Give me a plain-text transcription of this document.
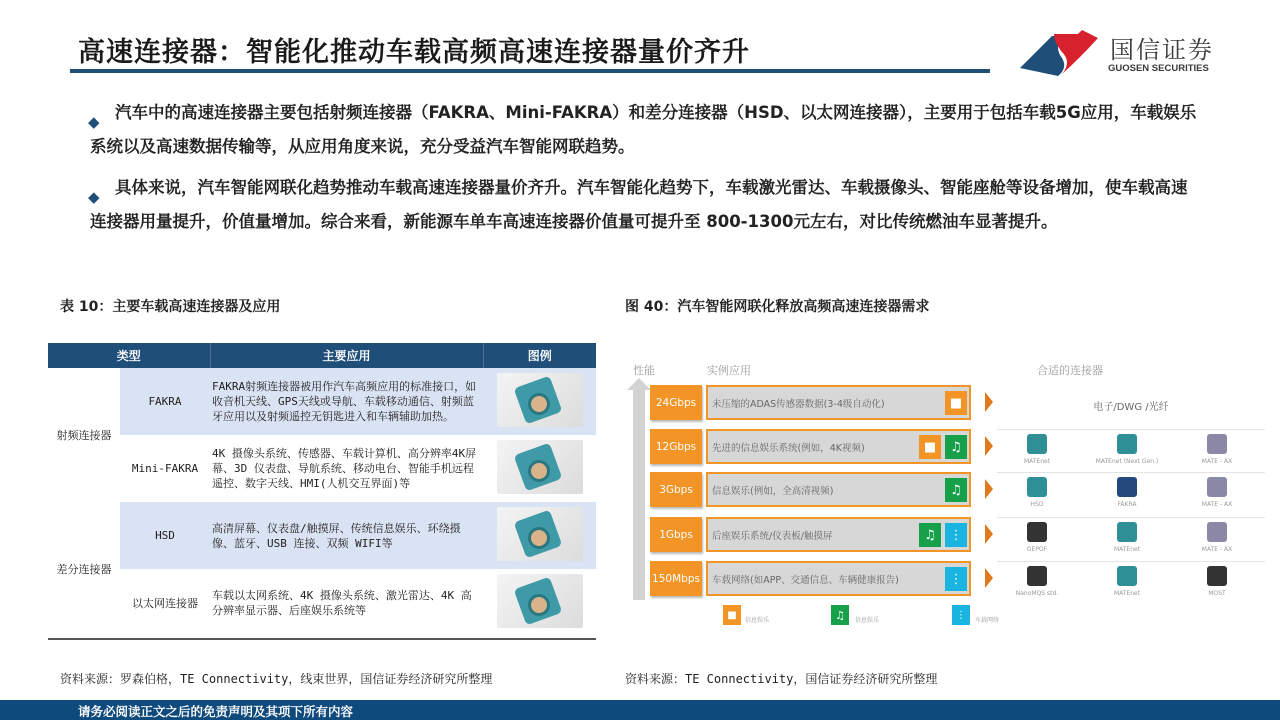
高速连接器：智能化推动车载高频高速连接器量价齐升	国信证券
GUOSEN SECURITIES
◆ 汽车中的高速连接器主要包括射频连接器（FAKRA、Mini-FAKRA）和差分连接器（HSD、以太网连接器），主要用于包括车载5G应用，车载娱乐系统以及高速数据传输等，从应用角度来说，充分受益汽车智能网联趋势。
◆ 具体来说，汽车智能网联化趋势推动车载高速连接器量价齐升。汽车智能化趋势下，车载激光雷达、车载摄像头、智能座舱等设备增加，使车载高速连接器用量提升，价值量增加。综合来看，新能源车单车高速连接器价值量可提升至 800-1300元左右，对比传统燃油车显著提升。
表 10：主要车载高速连接器及应用	图 40：汽车智能网联化释放高频高速连接器需求
类型		主要应用	图例
射频连接器	FAKRA	FAKRA射频连接器被用作汽车高频应用的标准接口，如收音机天线、GPS天线或导航、车载移动通信、射频蓝牙应用以及射频遥控无钥匙进入和车辆辅助加热。	
	Mini-FAKRA	4K 摄像头系统、传感器、车载计算机、高分辨率4K屏幕、3D 仪表盘、导航系统、移动电台、智能手机远程遥控、数字天线、HMI(人机交互界面)等	
差分连接器	HSD	高清屏幕、仪表盘/触摸屏、传统信息娱乐、环绕摄像、蓝牙、USB 连接、双频 WIFI等	
	以太网连接器	车载以太网系统、4K 摄像头系统、激光雷达、4K 高分辨率显示器、后座娱乐系统等	
性能	实例应用	合适的连接器
24Gbps	未压缩的ADAS传感器数据(3-4级自动化)	■
12Gbps	先进的信息娱乐系统(例如，4K视频)	■	♫
3Gbps	信息娱乐(例如，全高清视频)	♫
1Gbps	后座娱乐系统/仪表板/触摸屏	♫	⋮
150Mbps 车载网络(如APP、交通信息、车辆健康报告)	⋮
电子/DWG /光纤
MATEnet	MATEnet (Next Gen.)	MATE - AX
HSD	FAKRA	MATE - AX
GEPOF	MATEnet	MATE - AX
NanoMQS std.	MATEnet	MOST
■	信息娱乐	♫	信息娱乐	⋮	车载网络
资料来源：罗森伯格，TE Connectivity，线束世界，国信证券经济研究所整理	资料来源：TE Connectivity，国信证券经济研究所整理
请务必阅读正文之后的免责声明及其项下所有内容
